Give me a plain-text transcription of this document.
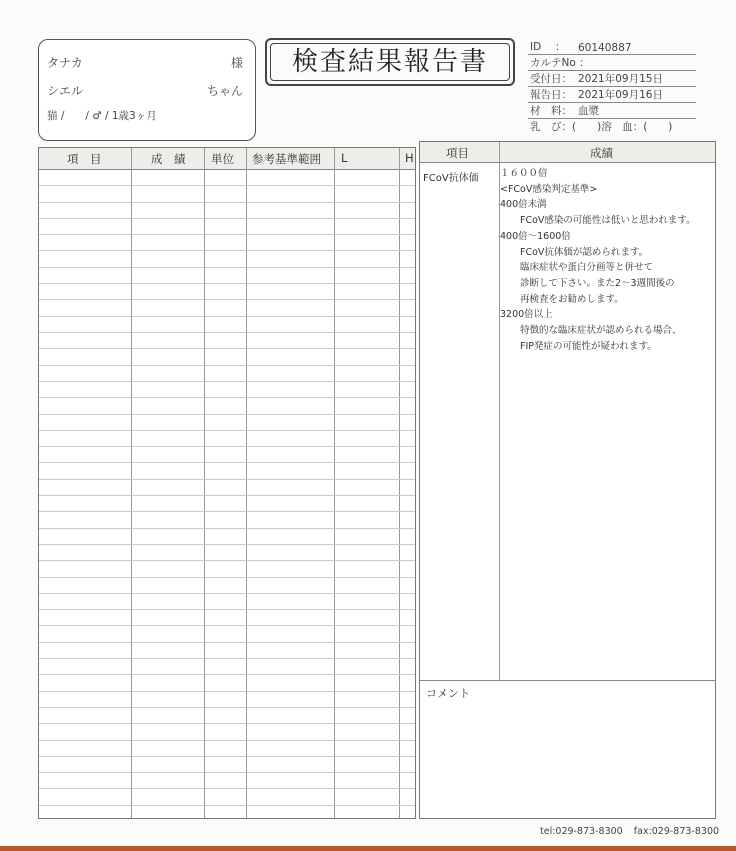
タナカ	様
シエル	ちゃん
猫 /　　/ ♂ / 1歳3ヶ月
検査結果報告書	ID　 ： 60140887
カルテNo ：
受付日： 2021年09月15日
報告日： 2021年09月16日
材　料： 血漿
乳　び：(　　)溶　血：(　　)
項　目	成　績 単位 参考基準範囲 L	H	項目	成績
FCoV抗体価 １６００倍
<FCoV感染判定基準>
400倍未満
FCoV感染の可能性は低いと思われます。
400倍～1600倍
FCoV抗体価が認められます。
臨床症状や蛋白分画等と併せて
診断して下さい。また2～3週間後の
再検査をお勧めします。
3200倍以上
特徴的な臨床症状が認められる場合、
FIP発症の可能性が疑われます。
コメント
tel:029-873-8300 fax:029-873-8300
